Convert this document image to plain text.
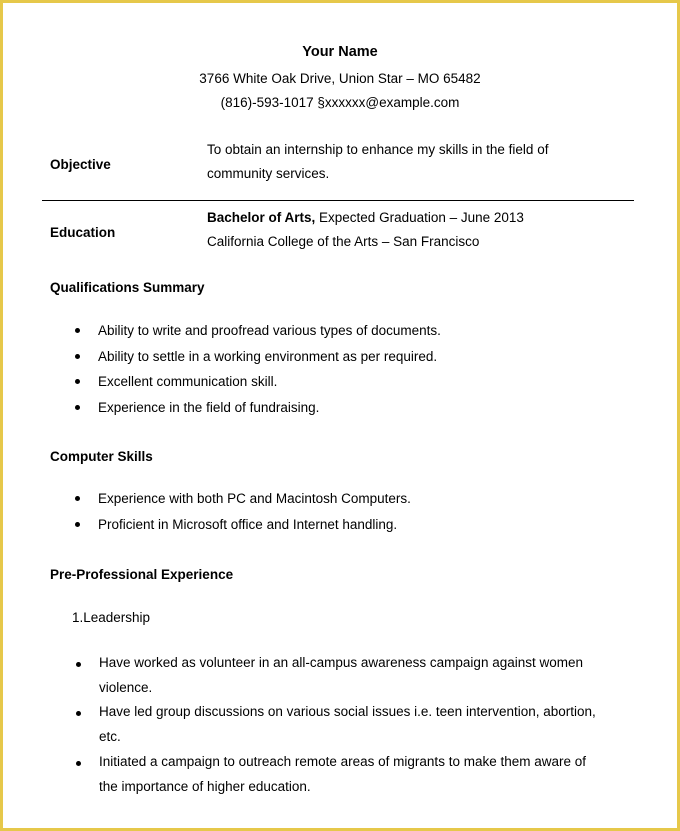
Your Name
3766 White Oak Drive, Union Star – MO 65482
(816)-593-1017 §xxxxxx@example.com
Objective
To obtain an internship to enhance my skills in the field of
community services.
Education
Bachelor of Arts, Expected Graduation – June 2013
California College of the Arts – San Francisco
Qualifications Summary
Ability to write and proofread various types of documents.
Ability to settle in a working environment as per required.
Excellent communication skill.
Experience in the field of fundraising.
Computer Skills
Experience with both PC and Macintosh Computers.
Proficient in Microsoft office and Internet handling.
Pre-Professional Experience
1.Leadership
Have worked as volunteer in an all-campus awareness campaign against women
violence.
Have led group discussions on various social issues i.e. teen intervention, abortion,
etc.
Initiated a campaign to outreach remote areas of migrants to make them aware of
the importance of higher education.
